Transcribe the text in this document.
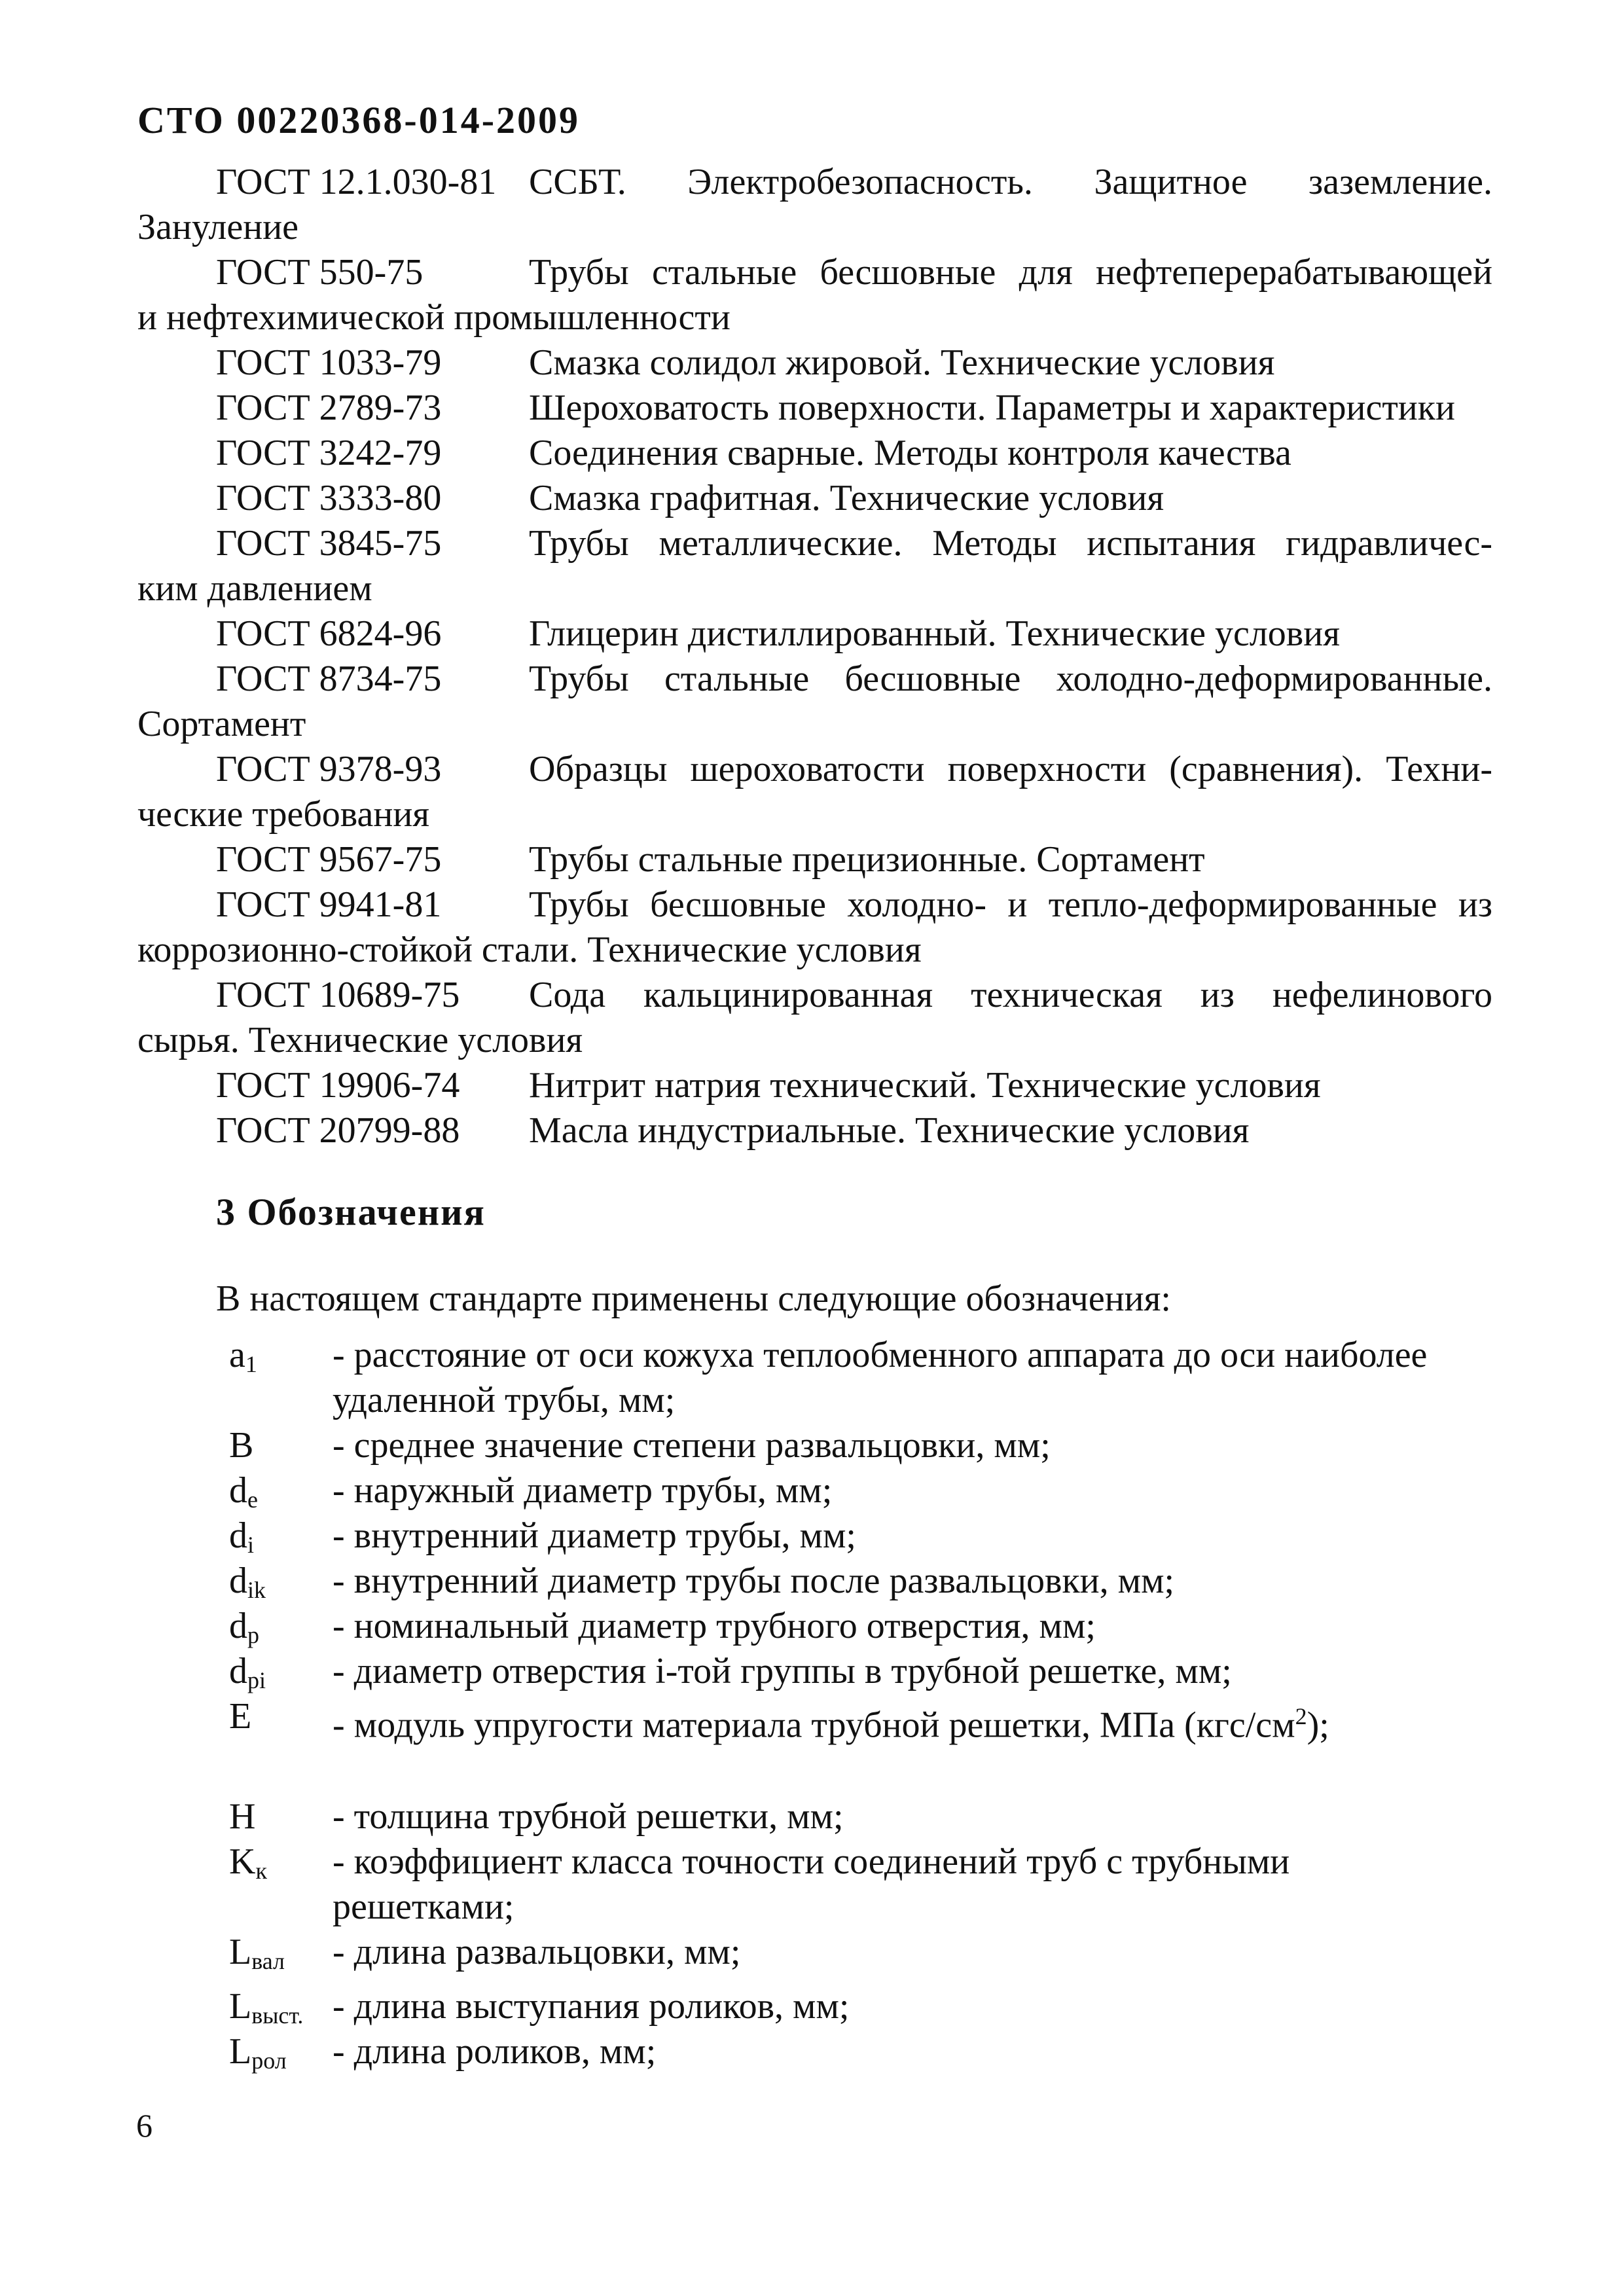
СТО 00220368-014-2009
ГОСТ 12.1.030-81 ССБТ. Электробезопасность. Защитное заземление.
Зануление
ГОСТ 550-75	Трубы стальные бесшовные для нефтеперерабатывающей
и нефтехимической промышленности
ГОСТ 1033-79	Смазка солидол жировой. Технические условия
ГОСТ 2789-73	Шероховатость поверхности. Параметры и характеристики
ГОСТ 3242-79	Соединения сварные. Методы контроля качества
ГОСТ 3333-80	Смазка графитная. Технические условия
ГОСТ 3845-75	Трубы металлические. Методы испытания гидравличес-
ким давлением
ГОСТ 6824-96	Глицерин дистиллированный. Технические условия
ГОСТ 8734-75	Трубы стальные бесшовные холодно-деформированные.
Сортамент
ГОСТ 9378-93	Образцы шероховатости поверхности (сравнения). Техни-
ческие требования
ГОСТ 9567-75	Трубы стальные прецизионные. Сортамент
ГОСТ 9941-81	Трубы бесшовные холодно- и тепло-деформированные из
коррозионно-стойкой стали. Технические условия
ГОСТ 10689-75	Сода кальцинированная техническая из нефелинового
сырья. Технические условия
ГОСТ 19906-74	Нитрит натрия технический. Технические условия
ГОСТ 20799-88	Масла индустриальные. Технические условия
3 Обозначения
В настоящем стандарте применены следующие обозначения:
$a_1$	- расстояние от оси кожуха теплообменного аппарата до оси наиболее
удаленной трубы, мм;
B	- среднее значение степени развальцовки, мм;
$d_e$	- наружный диаметр трубы, мм;
$d_i$	- внутренний диаметр трубы, мм;
$d_{ik}$	- внутренний диаметр трубы после развальцовки, мм;
$d_p$	- номинальный диаметр трубного отверстия, мм;
$d_{pi}$	- диаметр отверстия i-той группы в трубной решетке, мм;
E	- модуль упругости материала трубной решетки, МПа $(кгс/см^2)$;
H	- толщина трубной решетки, мм;
$K_к$	- коэффициент класса точности соединений труб с трубными
решетками;
$L_{вал}$	- длина развальцовки, мм;
$L_{выст.}$ - длина выступания роликов, мм;
$L_{рол}$	- длина роликов, мм;
6
